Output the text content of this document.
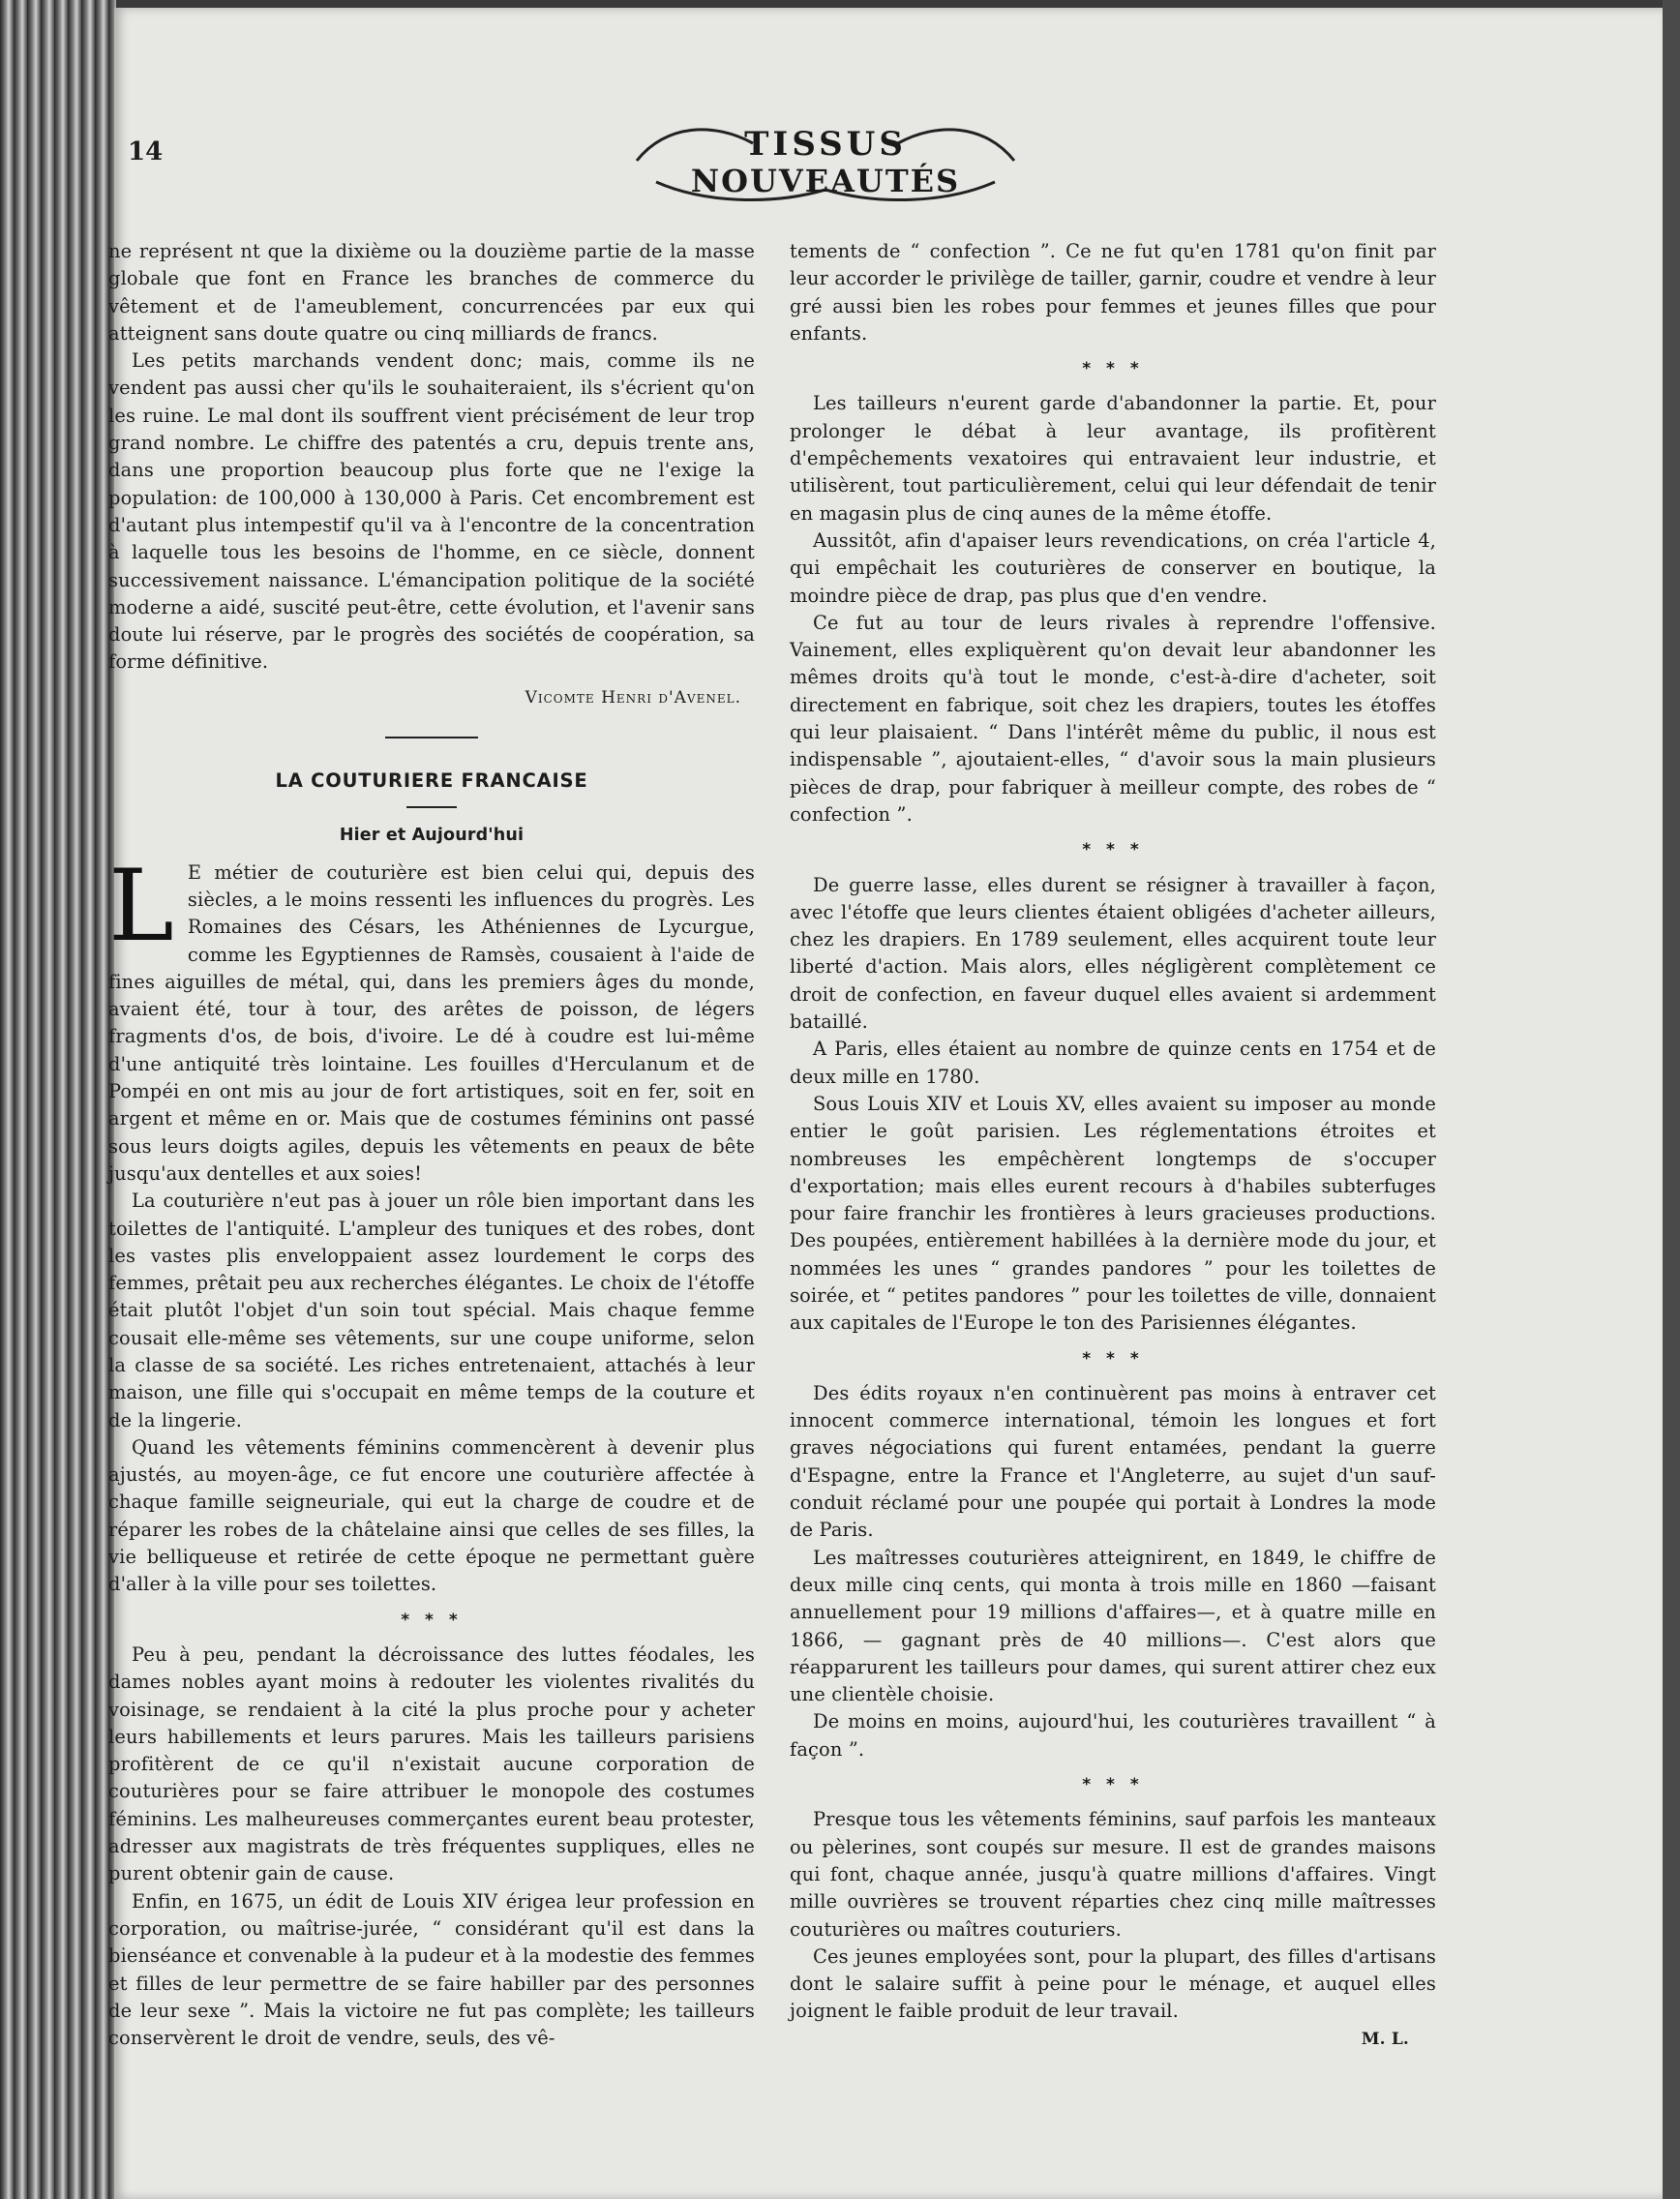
14	TISSUS
NOUVEAUTÉS

ne représent nt que la dixième ou la douzième partie de la masse globale que font en France les branches de commerce du vêtement et de l'ameublement, concurrencées par eux qui atteignent sans doute quatre ou cinq milliards de francs.

Les petits marchands vendent donc; mais, comme ils ne vendent pas aussi cher qu'ils le souhaiteraient, ils s'écrient qu'on les ruine. Le mal dont ils souffrent vient précisément de leur trop grand nombre. Le chiffre des patentés a cru, depuis trente ans, dans une proportion beaucoup plus forte que ne l'exige la population: de 100,000 à 130,000 à Paris. Cet encombrement est d'autant plus intempestif qu'il va à l'encontre de la concentration à laquelle tous les besoins de l'homme, en ce siècle, donnent successivement naissance. L'émancipation politique de la société moderne a aidé, suscité peut-être, cette évolution, et l'avenir sans doute lui réserve, par le progrès des sociétés de coopération, sa forme définitive.

Vicomte Henri d'Avenel.
LA COUTURIERE FRANCAISE
Hier et Aujourd'hui

L E métier de couturière est bien celui qui, depuis des siècles, a le moins ressenti les influences du progrès. Les Romaines des Césars, les Athéniennes de Lycurgue, comme les Egyptiennes de Ramsès, cousaient à l'aide de fines aiguilles de métal, qui, dans les premiers âges du monde, avaient été, tour à tour, des arêtes de poisson, de légers fragments d'os, de bois, d'ivoire. Le dé à coudre est lui-même d'une antiquité très lointaine. Les fouilles d'Herculanum et de Pompéi en ont mis au jour de fort artistiques, soit en fer, soit en argent et même en or. Mais que de costumes féminins ont passé sous leurs doigts agiles, depuis les vêtements en peaux de bête jusqu'aux dentelles et aux soies!

La couturière n'eut pas à jouer un rôle bien important dans les toilettes de l'antiquité. L'ampleur des tuniques et des robes, dont les vastes plis enveloppaient assez lourdement le corps des femmes, prêtait peu aux recherches élégantes. Le choix de l'étoffe était plutôt l'objet d'un soin tout spécial. Mais chaque femme cousait elle-même ses vêtements, sur une coupe uniforme, selon la classe de sa société. Les riches entretenaient, attachés à leur maison, une fille qui s'occupait en même temps de la couture et de la lingerie.

Quand les vêtements féminins commencèrent à devenir plus ajustés, au moyen-âge, ce fut encore une couturière affectée à chaque famille seigneuriale, qui eut la charge de coudre et de réparer les robes de la châtelaine ainsi que celles de ses filles, la vie belliqueuse et retirée de cette époque ne permettant guère d'aller à la ville pour ses toilettes.

* * *

Peu à peu, pendant la décroissance des luttes féodales, les dames nobles ayant moins à redouter les violentes rivalités du voisinage, se rendaient à la cité la plus proche pour y acheter leurs habillements et leurs parures. Mais les tailleurs parisiens profitèrent de ce qu'il n'existait aucune corporation de couturières pour se faire attribuer le monopole des costumes féminins. Les malheureuses commerçantes eurent beau protester, adresser aux magistrats de très fréquentes suppliques, elles ne purent obtenir gain de cause.

Enfin, en 1675, un édit de Louis XIV érigea leur profession en corporation, ou maîtrise-jurée, “ considérant qu'il est dans la bienséance et convenable à la pudeur et à la modestie des femmes et filles de leur permettre de se faire habiller par des personnes de leur sexe ”. Mais la victoire ne fut pas complète; les tailleurs conservèrent le droit de vendre, seuls, des vê-

tements de “ confection ”. Ce ne fut qu'en 1781 qu'on finit par leur accorder le privilège de tailler, garnir, coudre et vendre à leur gré aussi bien les robes pour femmes et jeunes filles que pour enfants.

* * *

Les tailleurs n'eurent garde d'abandonner la partie. Et, pour prolonger le débat à leur avantage, ils profitèrent d'empêchements vexatoires qui entravaient leur industrie, et utilisèrent, tout particulièrement, celui qui leur défendait de tenir en magasin plus de cinq aunes de la même étoffe.

Aussitôt, afin d'apaiser leurs revendications, on créa l'article 4, qui empêchait les couturières de conserver en boutique, la moindre pièce de drap, pas plus que d'en vendre.

Ce fut au tour de leurs rivales à reprendre l'offensive. Vainement, elles expliquèrent qu'on devait leur abandonner les mêmes droits qu'à tout le monde, c'est-à-dire d'acheter, soit directement en fabrique, soit chez les drapiers, toutes les étoffes qui leur plaisaient. “ Dans l'intérêt même du public, il nous est indispensable ”, ajoutaient-elles, “ d'avoir sous la main plusieurs pièces de drap, pour fabriquer à meilleur compte, des robes de “ confection ”.

* * *

De guerre lasse, elles durent se résigner à travailler à façon, avec l'étoffe que leurs clientes étaient obligées d'acheter ailleurs, chez les drapiers. En 1789 seulement, elles acquirent toute leur liberté d'action. Mais alors, elles négligèrent complètement ce droit de confection, en faveur duquel elles avaient si ardemment bataillé.

A Paris, elles étaient au nombre de quinze cents en 1754 et de deux mille en 1780.

Sous Louis XIV et Louis XV, elles avaient su imposer au monde entier le goût parisien. Les réglementations étroites et nombreuses les empêchèrent longtemps de s'occuper d'exportation; mais elles eurent recours à d'habiles subterfuges pour faire franchir les frontières à leurs gracieuses productions. Des poupées, entièrement habillées à la dernière mode du jour, et nommées les unes “ grandes pandores ” pour les toilettes de soirée, et “ petites pandores ” pour les toilettes de ville, donnaient aux capitales de l'Europe le ton des Parisiennes élégantes.

* * *

Des édits royaux n'en continuèrent pas moins à entraver cet innocent commerce international, témoin les longues et fort graves négociations qui furent entamées, pendant la guerre d'Espagne, entre la France et l'Angleterre, au sujet d'un sauf-conduit réclamé pour une poupée qui portait à Londres la mode de Paris.

Les maîtresses couturières atteignirent, en 1849, le chiffre de deux mille cinq cents, qui monta à trois mille en 1860 —faisant annuellement pour 19 millions d'affaires—, et à quatre mille en 1866, — gagnant près de 40 millions—. C'est alors que réapparurent les tailleurs pour dames, qui surent attirer chez eux une clientèle choisie.

De moins en moins, aujourd'hui, les couturières travaillent “ à façon ”.

* * *

Presque tous les vêtements féminins, sauf parfois les manteaux ou pèlerines, sont coupés sur mesure. Il est de grandes maisons qui font, chaque année, jusqu'à quatre millions d'affaires. Vingt mille ouvrières se trouvent réparties chez cinq mille maîtresses couturières ou maîtres couturiers.

Ces jeunes employées sont, pour la plupart, des filles d'artisans dont le salaire suffit à peine pour le ménage, et auquel elles joignent le faible produit de leur travail.

M. L.
